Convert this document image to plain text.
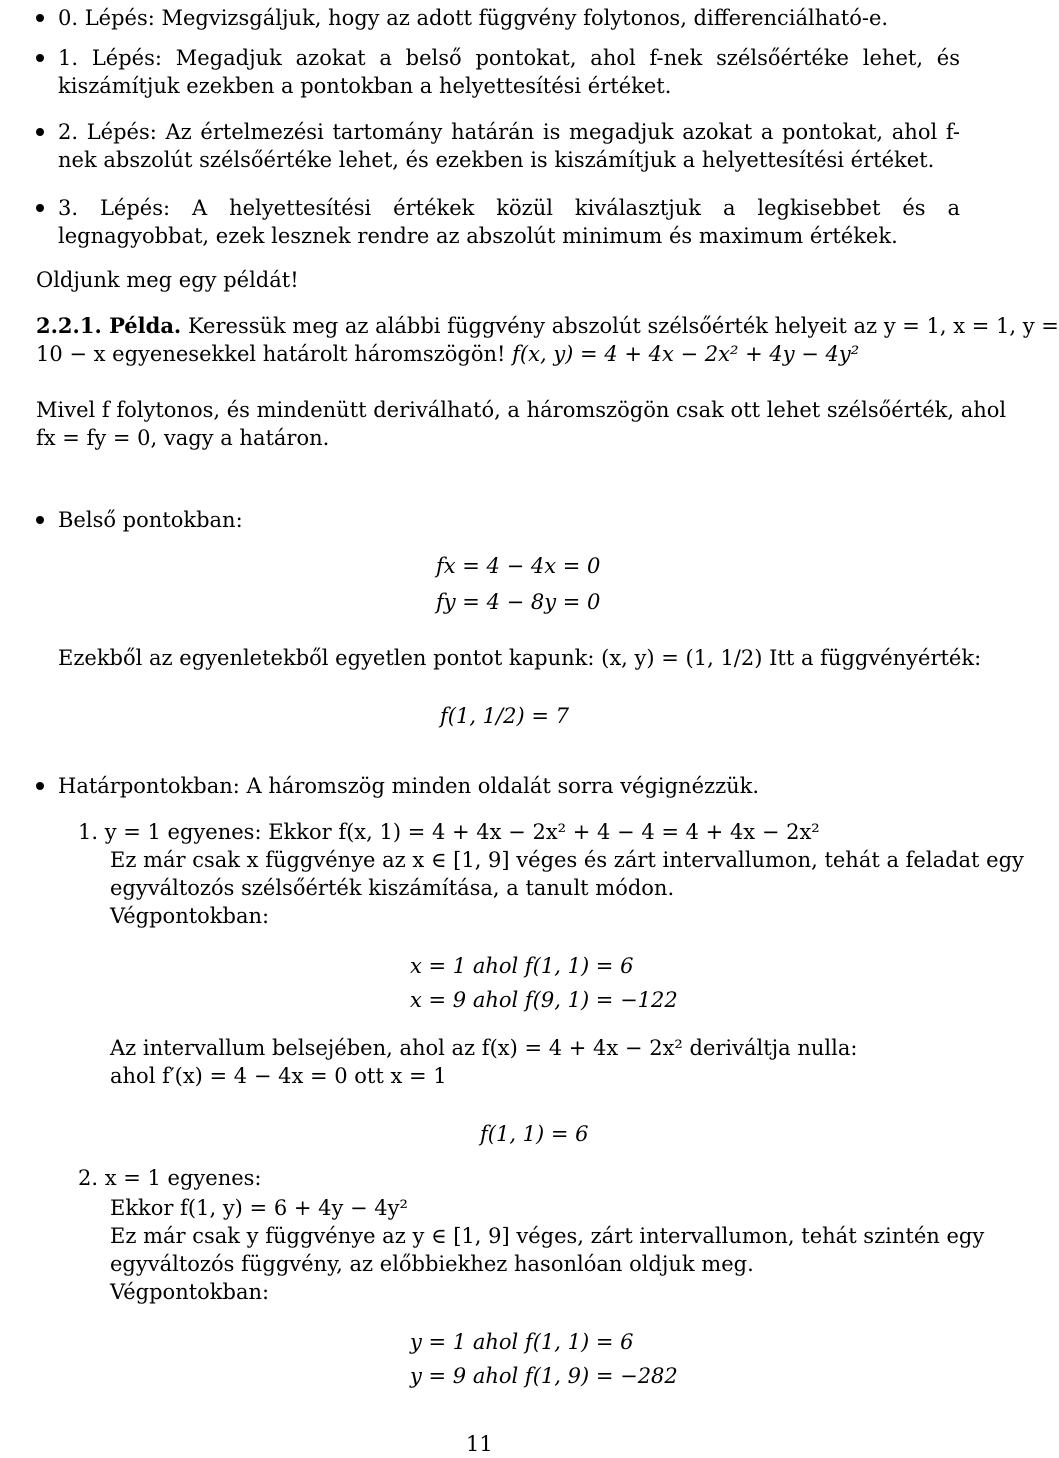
0. Lépés: Megvizsgáljuk, hogy az adott függvény folytonos, differenciálható-e.
1. Lépés: Megadjuk azokat a belső pontokat, ahol f-nek szélsőértéke lehet, és kiszámítjuk ezekben a pontokban a helyettesítési értéket.
2. Lépés: Az értelmezési tartomány határán is megadjuk azokat a pontokat, ahol f-nek abszolút szélsőértéke lehet, és ezekben is kiszámítjuk a helyettesítési értéket.
3. Lépés: A helyettesítési értékek közül kiválasztjuk a legkisebbet és a legnagyobbat, ezek lesznek rendre az abszolút minimum és maximum értékek.
Oldjunk meg egy példát!
2.2.1. Példa. Keressük meg az alábbi függvény abszolút szélsőérték helyeit az y = 1, x = 1, y =
10 − x egyenesekkel határolt háromszögön! f(x, y) = 4 + 4x − 2x² + 4y − 4y²
Mivel f folytonos, és mindenütt deriválható, a háromszögön csak ott lehet szélsőérték, ahol
fx = fy = 0, vagy a határon.
Belső pontokban:
fx = 4 − 4x = 0
fy = 4 − 8y = 0
Ezekből az egyenletekből egyetlen pontot kapunk: (x, y) = (1, 1/2) Itt a függvényérték:
f(1, 1/2) = 7
Határpontokban: A háromszög minden oldalát sorra végignézzük.
1. y = 1 egyenes: Ekkor f(x, 1) = 4 + 4x − 2x² + 4 − 4 = 4 + 4x − 2x²
Ez már csak x függvénye az x ∈ [1, 9] véges és zárt intervallumon, tehát a feladat egy
egyváltozós szélsőérték kiszámítása, a tanult módon.
Végpontokban:
x = 1 ahol f(1, 1) = 6
x = 9 ahol f(9, 1) = −122
Az intervallum belsejében, ahol az f(x) = 4 + 4x − 2x² deriváltja nulla:
ahol f′(x) = 4 − 4x = 0 ott x = 1
f(1, 1) = 6
2. x = 1 egyenes:
Ekkor f(1, y) = 6 + 4y − 4y²
Ez már csak y függvénye az y ∈ [1, 9] véges, zárt intervallumon, tehát szintén egy
egyváltozós függvény, az előbbiekhez hasonlóan oldjuk meg.
Végpontokban:
y = 1 ahol f(1, 1) = 6
y = 9 ahol f(1, 9) = −282
11
